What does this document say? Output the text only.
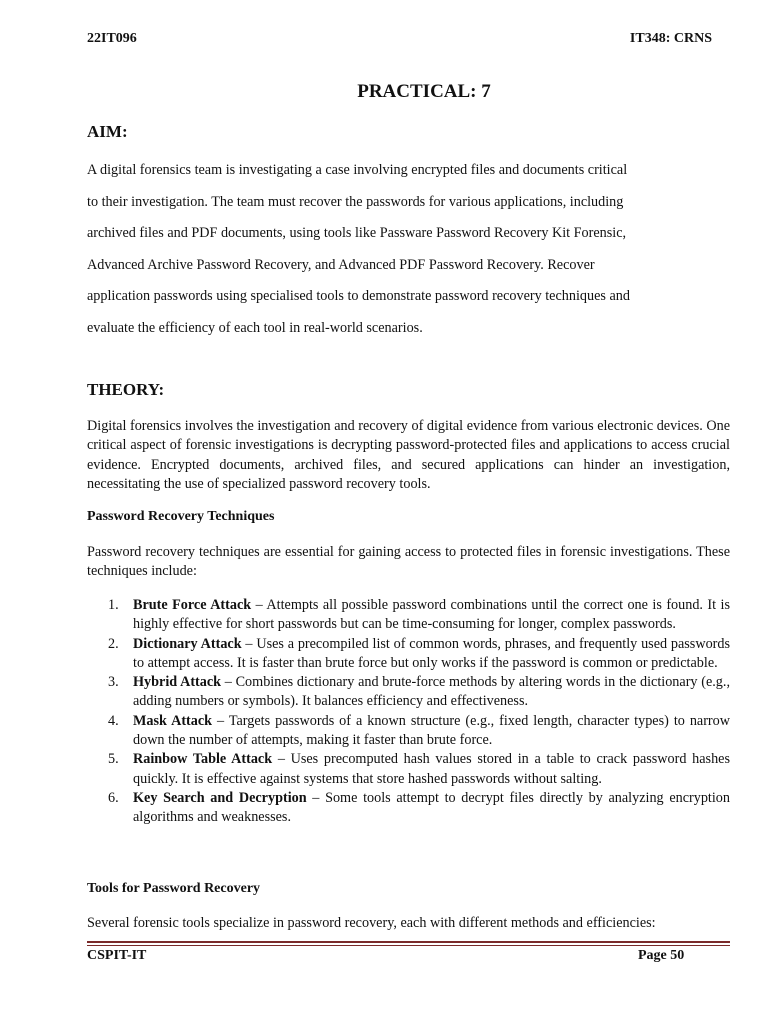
22IT096	IT348: CRNS
PRACTICAL: 7
AIM:
A digital forensics team is investigating a case involving encrypted files and documents critical
to their investigation. The team must recover the passwords for various applications, including
archived files and PDF documents, using tools like Passware Password Recovery Kit Forensic,
Advanced Archive Password Recovery, and Advanced PDF Password Recovery. Recover
application passwords using specialised tools to demonstrate password recovery techniques and
evaluate the efficiency of each tool in real-world scenarios.
THEORY:
Digital forensics involves the investigation and recovery of digital evidence from various electronic devices. One critical aspect of forensic investigations is decrypting password-protected files and applications to access crucial evidence. Encrypted documents, archived files, and secured applications can hinder an investigation, necessitating the use of specialized password recovery tools.
Password Recovery Techniques
Password recovery techniques are essential for gaining access to protected files in forensic investigations. These techniques include:
1. Brute Force Attack – Attempts all possible password combinations until the correct one is found. It is highly effective for short passwords but can be time-consuming for longer, complex passwords.
2. Dictionary Attack – Uses a precompiled list of common words, phrases, and frequently used passwords to attempt access. It is faster than brute force but only works if the password is common or predictable.
3. Hybrid Attack – Combines dictionary and brute-force methods by altering words in the dictionary (e.g., adding numbers or symbols). It balances efficiency and effectiveness.
4. Mask Attack – Targets passwords of a known structure (e.g., fixed length, character types) to narrow down the number of attempts, making it faster than brute force.
5. Rainbow Table Attack – Uses precomputed hash values stored in a table to crack password hashes quickly. It is effective against systems that store hashed passwords without salting.
6. Key Search and Decryption – Some tools attempt to decrypt files directly by analyzing encryption algorithms and weaknesses.
Tools for Password Recovery
Several forensic tools specialize in password recovery, each with different methods and efficiencies:
CSPIT-IT	Page 50
